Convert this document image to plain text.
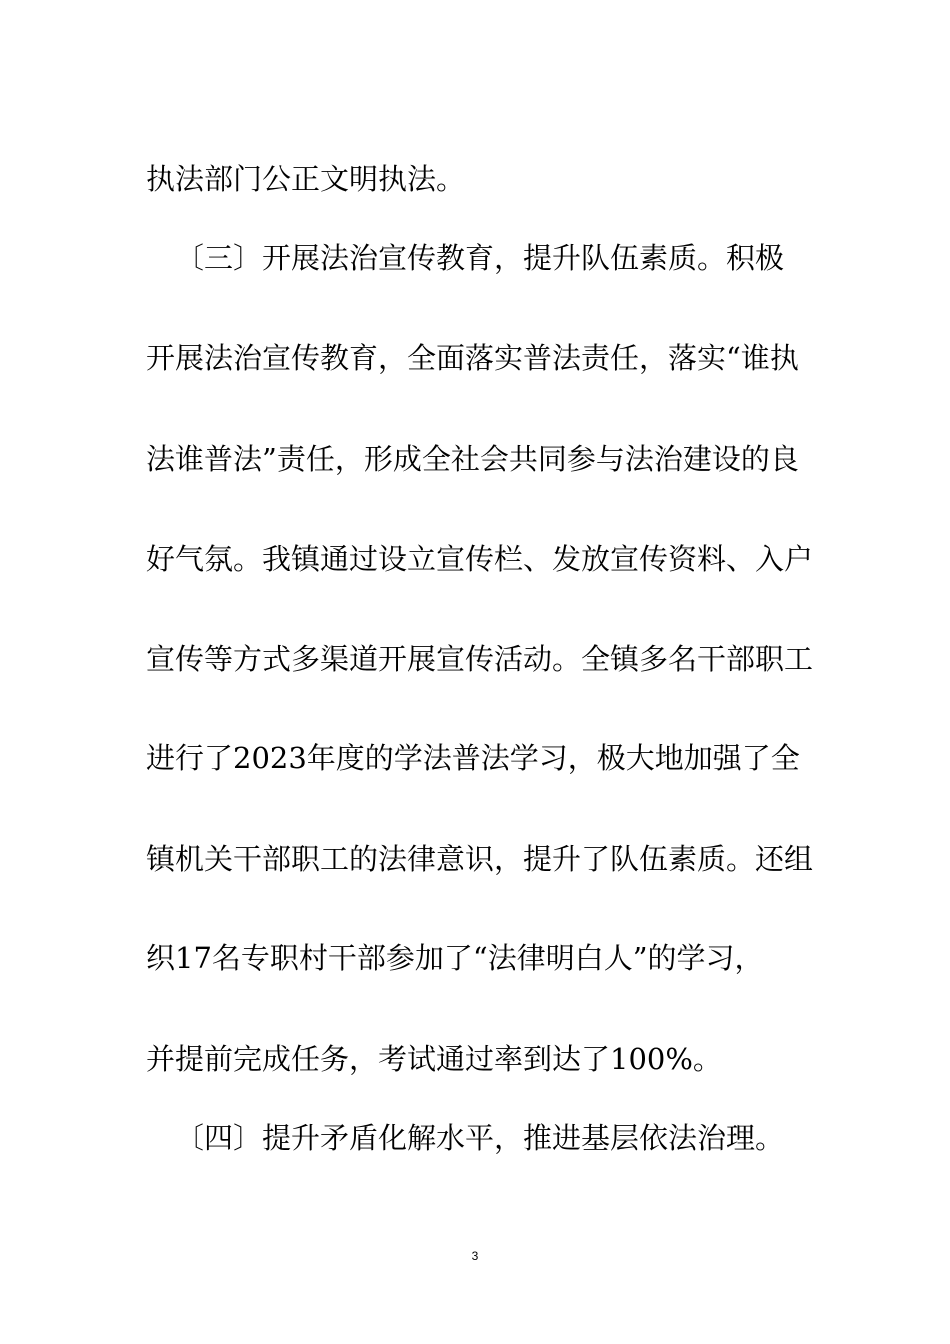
执法部门公正文明执法。

〔三〕开展法治宣传教育，提升队伍素质。积极

开展法治宣传教育，全面落实普法责任，落实“谁执

法谁普法”责任，形成全社会共同参与法治建设的良

好气氛。我镇通过设立宣传栏、发放宣传资料、入户

宣传等方式多渠道开展宣传活动。全镇多名干部职工

进行了2023年度的学法普法学习，极大地加强了全

镇机关干部职工的法律意识，提升了队伍素质。还组

织17名专职村干部参加了“法律明白人”的学习，

并提前完成任务，考试通过率到达了100%。

〔四〕提升矛盾化解水平，推进基层依法治理。

3
